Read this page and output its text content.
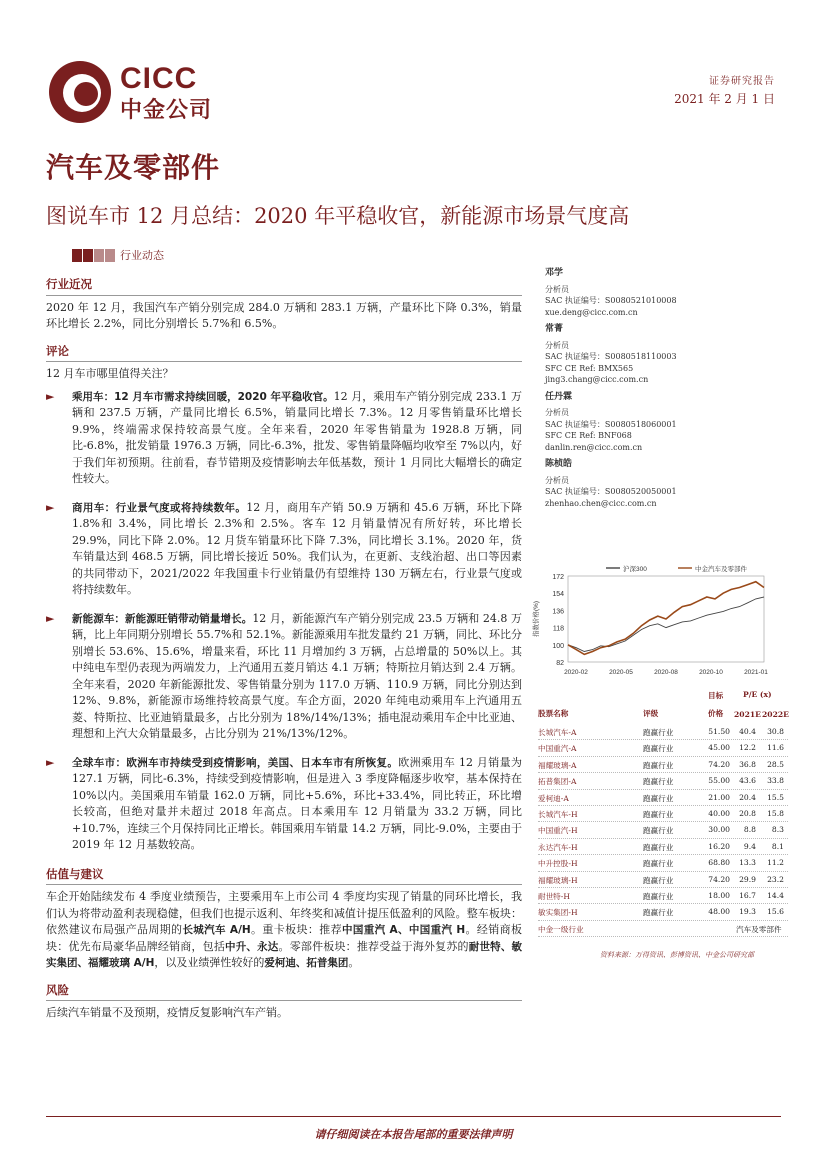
CICC
中金公司
证券研究报告
2021 年 2 月 1 日
汽车及零部件
图说车市 12 月总结：2020 年平稳收官，新能源市场景气度高
行业动态
行业近况
2020 年 12 月，我国汽车产销分别完成 284.0 万辆和 283.1 万辆，产量环比下降 0.3%，销量环比增长 2.2%，同比分别增长 5.7%和 6.5%。
评论
12 月车市哪里值得关注？
► 乘用车：12 月车市需求持续回暖，2020 年平稳收官。12 月，乘用车产销分别完成 233.1 万辆和 237.5 万辆，产量同比增长 6.5%，销量同比增长 7.3%。12 月零售销量环比增长 9.9%，终端需求保持较高景气度。全年来看，2020 年零售销量为 1928.8 万辆，同比-6.8%，批发销量 1976.3 万辆，同比-6.3%，批发、零售销量降幅均收窄至 7%以内，好于我们年初预期。往前看，春节错期及疫情影响去年低基数，预计 1 月同比大幅增长的确定性较大。
► 商用车：行业景气度或将持续数年。12 月，商用车产销 50.9 万辆和 45.6 万辆，环比下降 1.8%和 3.4%，同比增长 2.3%和 2.5%。客车 12 月销量情况有所好转，环比增长 29.9%，同比下降 2.0%。12 月货车销量环比下降 7.3%，同比增长 3.1%。2020 年，货车销量达到 468.5 万辆，同比增长接近 50%。我们认为，在更新、支线治超、出口等因素的共同带动下，2021/2022 年我国重卡行业销量仍有望维持 130 万辆左右，行业景气度或将持续数年。
► 新能源车：新能源旺销带动销量增长。12 月，新能源汽车产销分别完成 23.5 万辆和 24.8 万辆，比上年同期分别增长 55.7%和 52.1%。新能源乘用车批发量约 21 万辆，同比、环比分别增长 53.6%、15.6%，增量来看，环比 11 月增加约 3 万辆，占总增量的 50%以上。其中纯电车型仍表现为两端发力，上汽通用五菱月销达 4.1 万辆；特斯拉月销达到 2.4 万辆。全年来看，2020 年新能源批发、零售销量分别为 117.0 万辆、110.9 万辆，同比分别达到 12%、9.8%，新能源市场维持较高景气度。车企方面，2020 年纯电动乘用车上汽通用五菱、特斯拉、比亚迪销量最多，占比分别为 18%/14%/13%；插电混动乘用车企中比亚迪、理想和上汽大众销量最多，占比分别为 21%/13%/12%。
► 全球车市：欧洲车市持续受到疫情影响，美国、日本车市有所恢复。欧洲乘用车 12 月销量为 127.1 万辆，同比-6.3%，持续受到疫情影响，但是进入 3 季度降幅逐步收窄，基本保持在 10%以内。美国乘用车销量 162.0 万辆，同比+5.6%，环比+33.4%，同比转正，环比增长较高，但绝对量并未超过 2018 年高点。日本乘用车 12 月销量为 33.2 万辆，同比+10.7%，连续三个月保持同比正增长。韩国乘用车销量 14.2 万辆，同比-9.0%，主要由于 2019 年 12 月基数较高。
估值与建议
车企开始陆续发布 4 季度业绩预告，主要乘用车上市公司 4 季度均实现了销量的同环比增长，我们认为将带动盈利表现稳健，但我们也提示返利、年终奖和减值计提压低盈利的风险。整车板块：依然建议布局强产品周期的长城汽车 A/H。重卡板块：推荐中国重汽 A、中国重汽 H。经销商板块：优先布局豪华品牌经销商，包括中升、永达。零部件板块：推荐受益于海外复苏的耐世特、敏实集团、福耀玻璃 A/H，以及业绩弹性较好的爱柯迪、拓普集团。
风险
后续汽车销量不及预期，疫情反复影响汽车产销。
邓学
分析员
SAC 执证编号：S0080521010008
xue.deng@cicc.com.cn
常菁
分析员
SAC 执证编号：S0080518110003
SFC CE Ref: BMX565
jing3.chang@cicc.com.cn
任丹霖
分析员
SAC 执证编号：S0080518060001
SFC CE Ref: BNF068
danlin.ren@cicc.com.cn
陈桢皓
分析员
SAC 执证编号：S0080520050001
zhenhao.chen@cicc.com.cn
172
154
136
118
100
82
指数价格(%)
2020-02	2020-05	2020-08	2020-10	2021-01
沪深300	中金汽车及零部件
目标	P/E (x)
股票名称	评级	价格 2021E 2022E
长城汽车-A	跑赢行业	51.50	40.4	30.8
中国重汽-A	跑赢行业	45.00	12.2	11.6
福耀玻璃-A	跑赢行业	74.20	36.8	28.5
拓普集团-A	跑赢行业	55.00	43.6	33.8
爱柯迪-A	跑赢行业	21.00	20.4	15.5
长城汽车-H	跑赢行业	40.00	20.8	15.8
中国重汽-H	跑赢行业	30.00	8.8	8.3
永达汽车-H	跑赢行业	16.20	9.4	8.1
中升控股-H	跑赢行业	68.80	13.3	11.2
福耀玻璃-H	跑赢行业	74.20	29.9	23.2
耐世特-H	跑赢行业	18.00	16.7	14.4
敏实集团-H	跑赢行业	48.00	19.3	15.6
中金一级行业	汽车及零部件
资料来源：万得资讯、彭博资讯、中金公司研究部
请仔细阅读在本报告尾部的重要法律声明
